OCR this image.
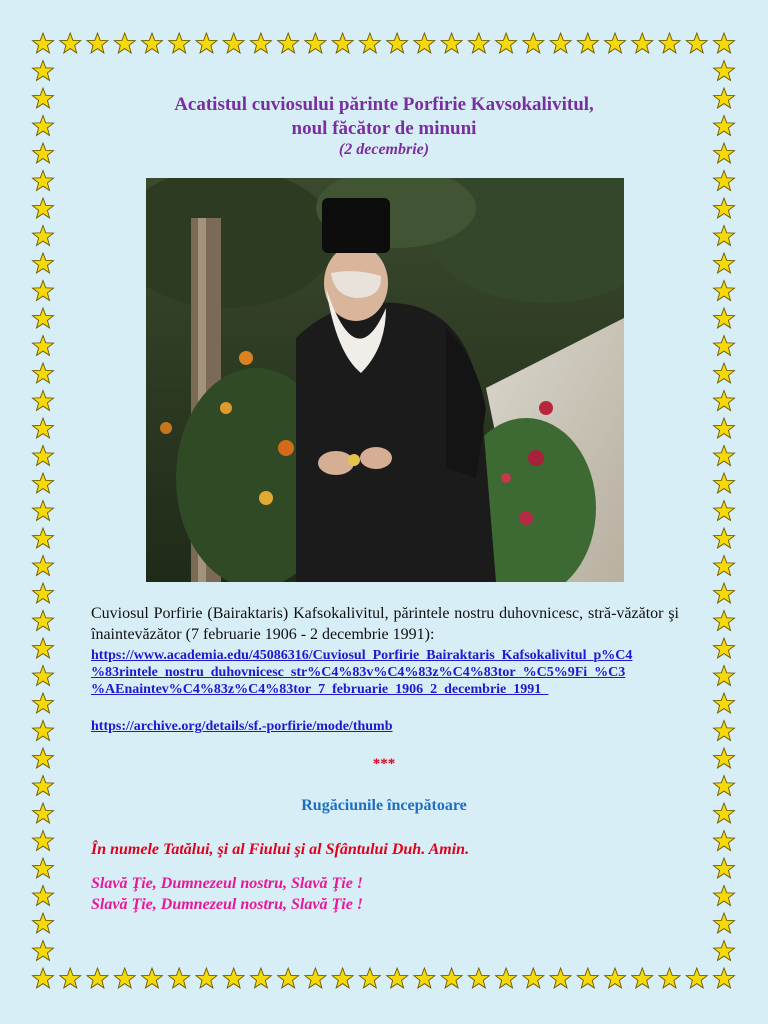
Acatistul cuviosului părinte Porfirie Kavsokalivitul,
noul făcător de minuni
(2 decembrie)
Cuviosul Porfirie (Bairaktaris) Kafsokalivitul, părintele nostru duhovnicesc, stră-văzător şi înaintevăzător (7 februarie 1906 - 2 decembrie 1991):
https://www.academia.edu/45086316/Cuviosul_Porfirie_Bairaktaris_Kafsokalivitul_p%C4
%83rintele_nostru_duhovnicesc_str%C4%83v%C4%83z%C4%83tor_%C5%9Fi_%C3
%AEnaintev%C4%83z%C4%83tor_7_februarie_1906_2_decembrie_1991_
https://archive.org/details/sf.-porfirie/mode/thumb
***
Rugăciunile începătoare
În numele Tatălui, şi al Fiului şi al Sfântului Duh. Amin.
Slavă Ţie, Dumnezeul nostru, Slavă Ţie !
Slavă Ţie, Dumnezeul nostru, Slavă Ţie !
